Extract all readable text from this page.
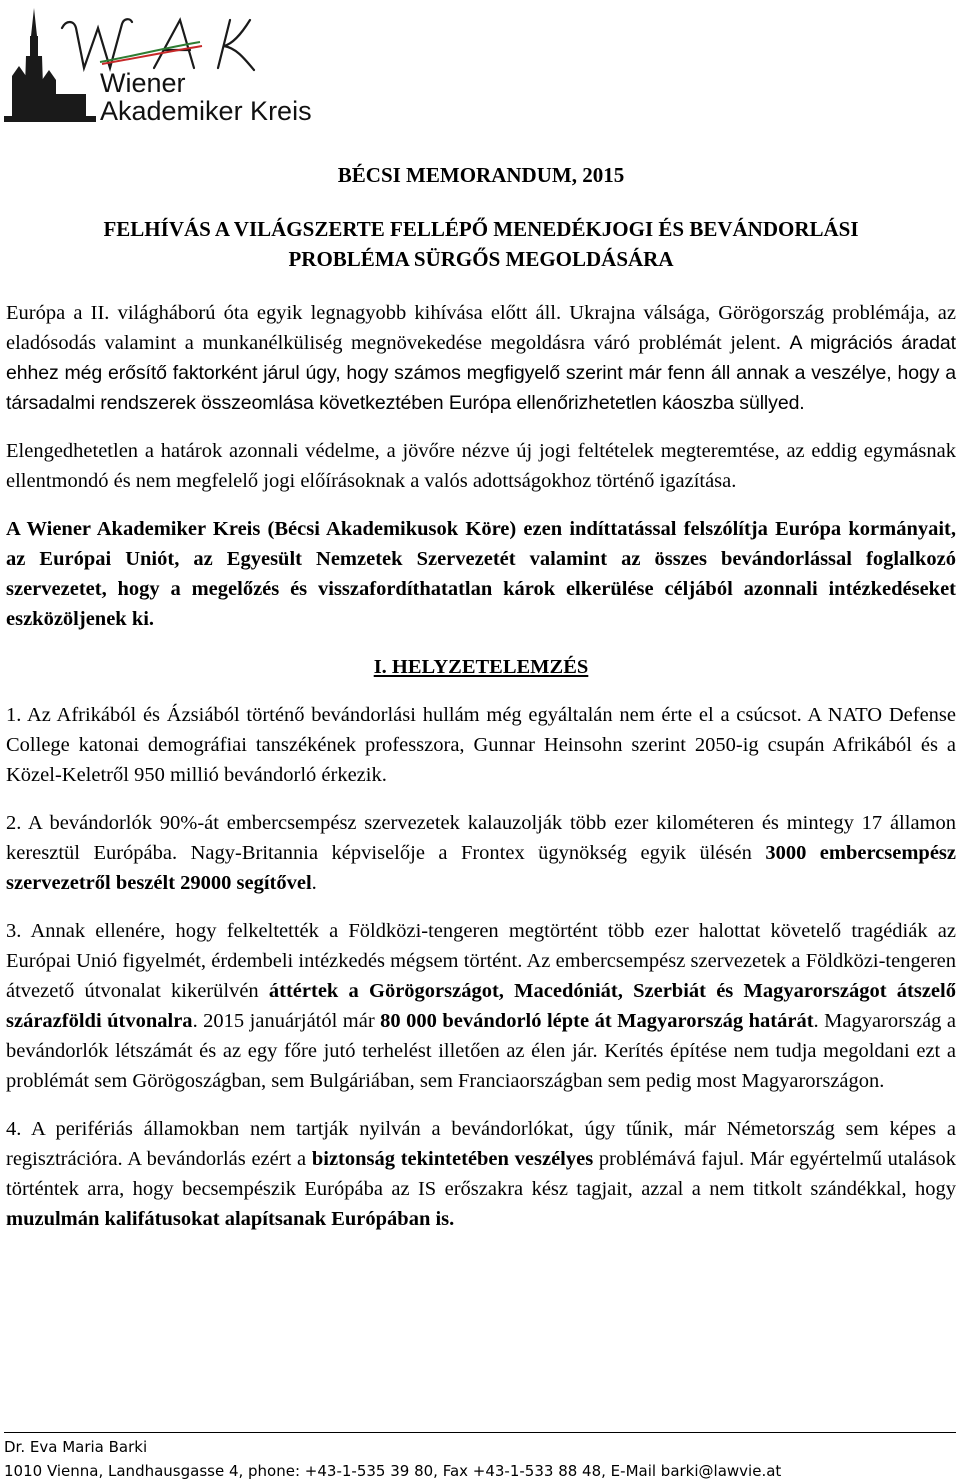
Wiener
Akademiker Kreis

BÉCSI MEMORANDUM, 2015

FELHÍVÁS A VILÁGSZERTE FELLÉPŐ MENEDÉKJOGI ÉS BEVÁNDORLÁSI
PROBLÉMA SÜRGŐS MEGOLDÁSÁRA

Európa a II. világháború óta egyik legnagyobb kihívása előtt áll. Ukrajna válsága, Görögország problémája, az eladósodás valamint a munkanélküliség megnövekedése megoldásra váró problémát jelent. A migrációs áradat ehhez még erősítő faktorként járul úgy, hogy számos megfigyelő szerint már fenn áll annak a veszélye, hogy a társadalmi rendszerek összeomlása következtében Európa ellenőrizhetetlen káoszba süllyed.

Elengedhetetlen a határok azonnali védelme, a jövőre nézve új jogi feltételek megteremtése, az eddig egymásnak ellentmondó és nem megfelelő jogi előírásoknak a valós adottságokhoz történő igazítása.

A Wiener Akademiker Kreis (Bécsi Akademikusok Köre) ezen indíttatással felszólítja Európa kormányait, az Európai Uniót, az Egyesült Nemzetek Szervezetét valamint az összes bevándorlással foglalkozó szervezetet, hogy a megelőzés és visszafordíthatatlan károk elkerülése céljából azonnali intézkedéseket eszközöljenek ki.

I. HELYZETELEMZÉS

1. Az Afrikából és Ázsiából történő bevándorlási hullám még egyáltalán nem érte el a csúcsot. A NATO Defense College katonai demográfiai tanszékének professzora, Gunnar Heinsohn szerint 2050-ig csupán Afrikából és a Közel-Keletről 950 millió bevándorló érkezik.

2. A bevándorlók 90%-át embercsempész szervezetek kalauzolják több ezer kilométeren és mintegy 17 államon keresztül Európába. Nagy-Britannia képviselője a Frontex ügynökség egyik ülésén 3000 embercsempész szervezetről beszélt 29000 segítővel.

3. Annak ellenére, hogy felkeltették a Földközi-tengeren megtörtént több ezer halottat követelő tragédiák az Európai Unió figyelmét, érdembeli intézkedés mégsem történt. Az embercsempész szervezetek a Földközi-tengeren átvezető útvonalat kikerülvén áttértek a Görögországot, Macedóniát, Szerbiát és Magyarországot átszelő szárazföldi útvonalra. 2015 januárjától már 80 000 bevándorló lépte át Magyarország határát. Magyarország a bevándorlók létszámát és az egy főre jutó terhelést illetően az élen jár. Kerítés építése nem tudja megoldani ezt a problémát sem Görögoszágban, sem Bulgáriában, sem Franciaországban sem pedig most Magyarországon.

4. A perifériás államokban nem tartják nyilván a bevándorlókat, úgy tűnik, már Németország sem képes a regisztrációra. A bevándorlás ezért a biztonság tekintetében veszélyes problémává fajul. Már egyértelmű utalások történtek arra, hogy becsempészik Európába az IS erőszakra kész tagjait, azzal a nem titkolt szándékkal, hogy muzulmán kalifátusokat alapítsanak Európában is.

Dr. Eva Maria Barki
1010 Vienna, Landhausgasse 4, phone: +43-1-535 39 80, Fax +43-1-533 88 48, E-Mail barki@lawvie.at
